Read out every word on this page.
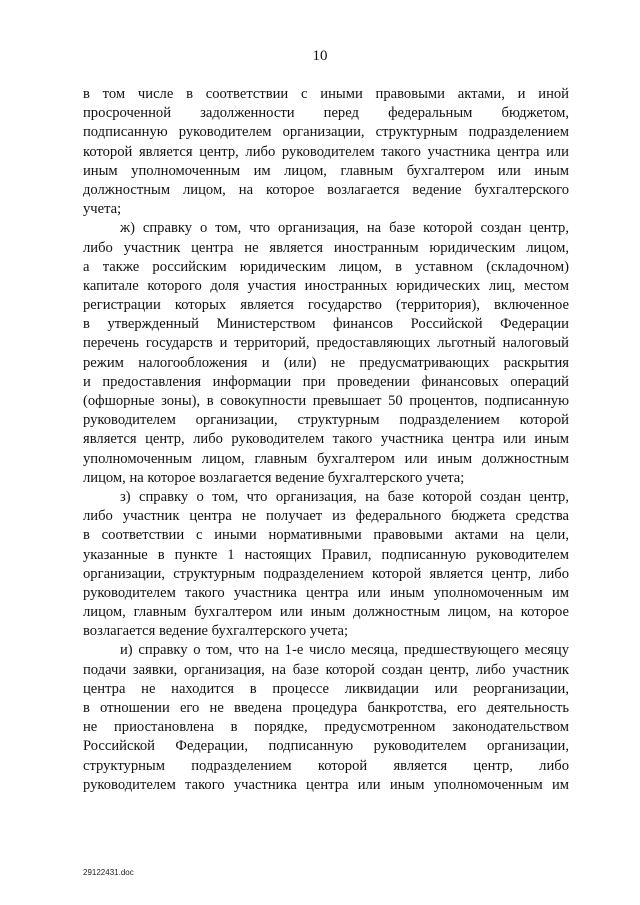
10
в том числе в соответствии с иными правовыми актами, и иной
просроченной задолженности перед федеральным бюджетом,
подписанную руководителем организации, структурным подразделением
которой является центр, либо руководителем такого участника центра или
иным уполномоченным им лицом, главным бухгалтером или иным
должностным лицом, на которое возлагается ведение бухгалтерского
учета;
ж) справку о том, что организация, на базе которой создан центр,
либо участник центра не является иностранным юридическим лицом,
а также российским юридическим лицом, в уставном (складочном)
капитале которого доля участия иностранных юридических лиц, местом
регистрации которых является государство (территория), включенное
в утвержденный Министерством финансов Российской Федерации
перечень государств и территорий, предоставляющих льготный налоговый
режим налогообложения и (или) не предусматривающих раскрытия
и предоставления информации при проведении финансовых операций
(офшорные зоны), в совокупности превышает 50 процентов, подписанную
руководителем организации, структурным подразделением которой
является центр, либо руководителем такого участника центра или иным
уполномоченным лицом, главным бухгалтером или иным должностным
лицом, на которое возлагается ведение бухгалтерского учета;
з) справку о том, что организация, на базе которой создан центр,
либо участник центра не получает из федерального бюджета средства
в соответствии с иными нормативными правовыми актами на цели,
указанные в пункте 1 настоящих Правил, подписанную руководителем
организации, структурным подразделением которой является центр, либо
руководителем такого участника центра или иным уполномоченным им
лицом, главным бухгалтером или иным должностным лицом, на которое
возлагается ведение бухгалтерского учета;
и) справку о том, что на 1-е число месяца, предшествующего месяцу
подачи заявки, организация, на базе которой создан центр, либо участник
центра не находится в процессе ликвидации или реорганизации,
в отношении его не введена процедура банкротства, его деятельность
не приостановлена в порядке, предусмотренном законодательством
Российской Федерации, подписанную руководителем организации,
структурным подразделением которой является центр, либо
руководителем такого участника центра или иным уполномоченным им
29122431.doc
